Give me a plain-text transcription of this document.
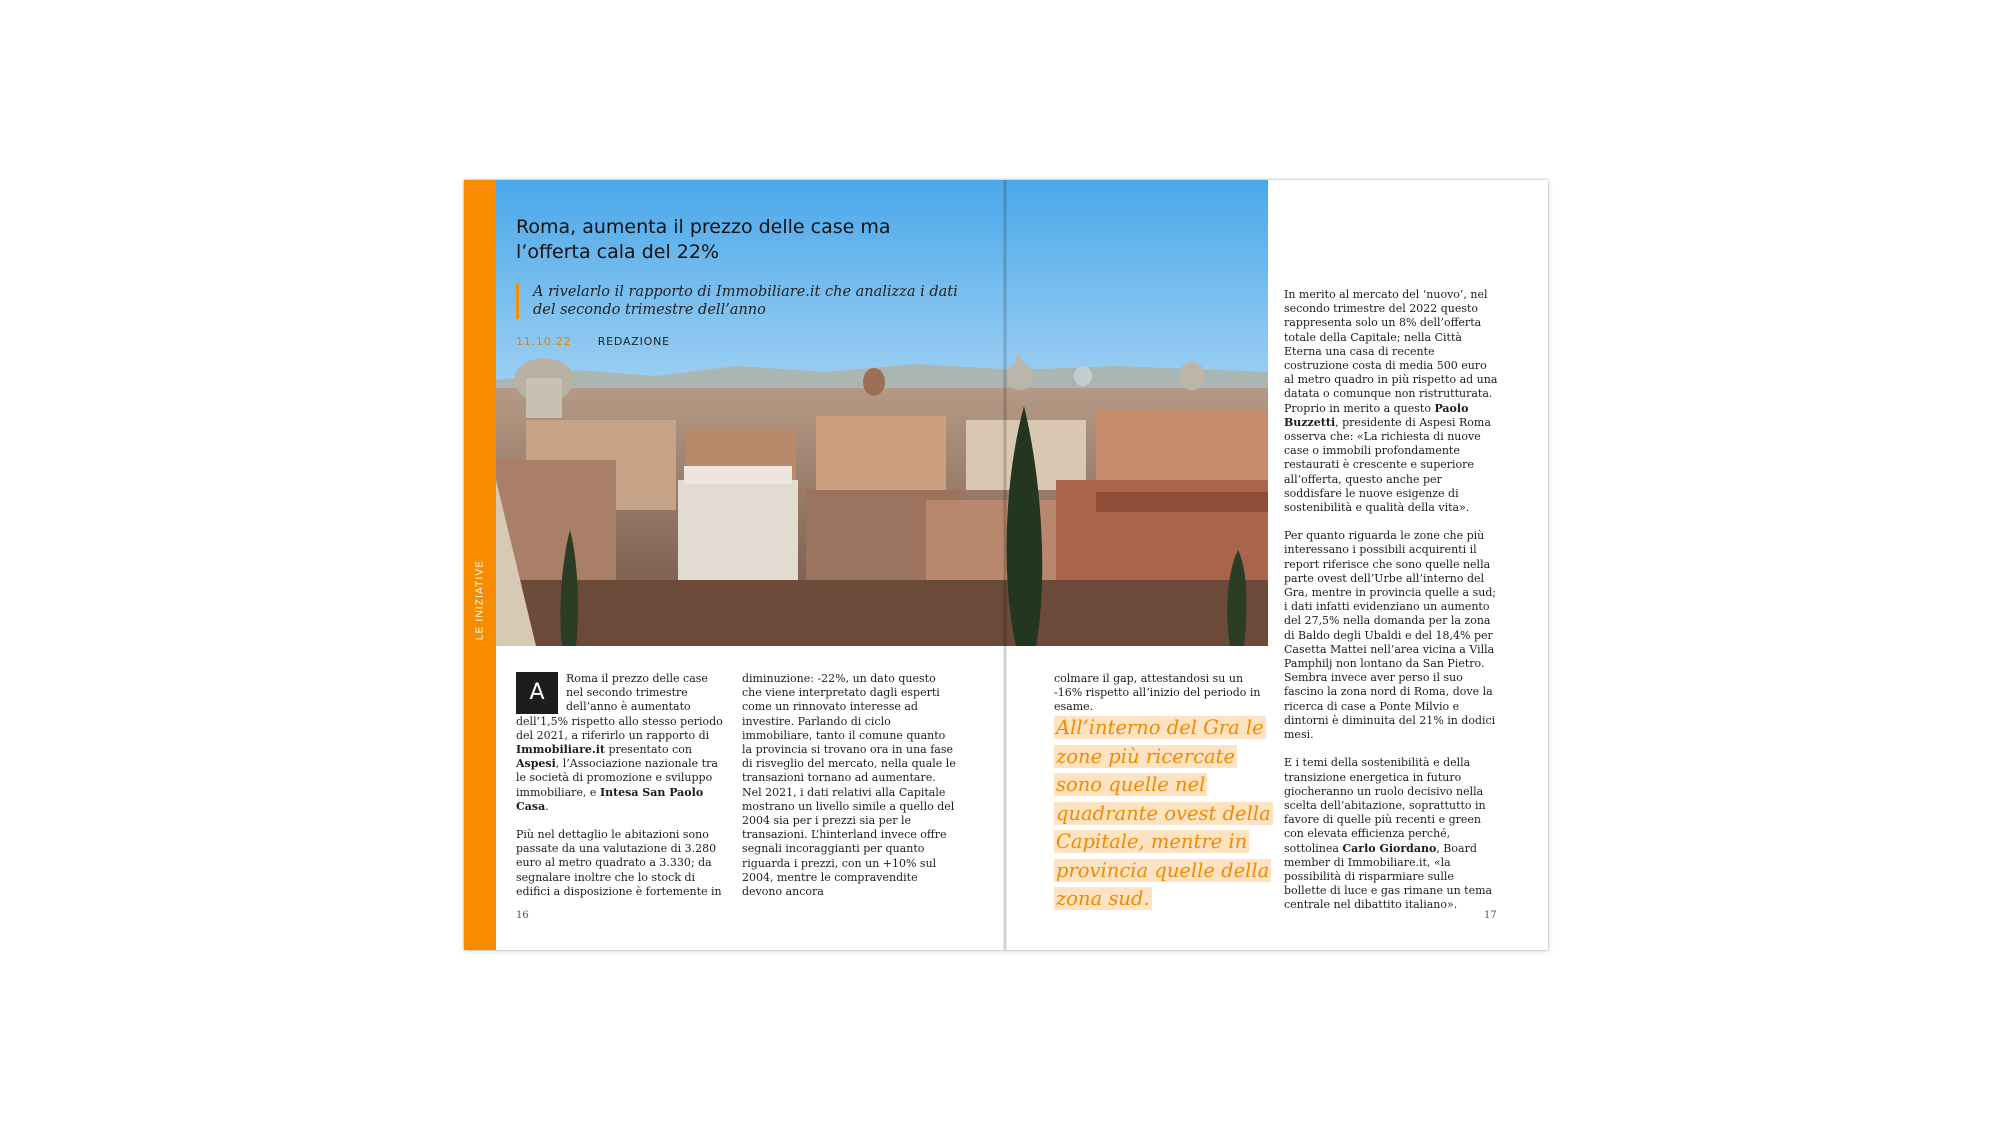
LE INIZIATIVE
Roma, aumenta il prezzo delle case ma l’offerta cala del 22%
A rivelarlo il rapporto di Immobiliare.it che analizza i dati del secondo trimestre dell’anno
11.10.22 REDAZIONE
A

Roma il prezzo delle case nel secondo trimestre dell’anno è aumentato dell’1,5% rispetto allo stesso periodo del 2021, a riferirlo un rapporto di Immobiliare.it presentato con Aspesi, l’Associazione nazionale tra le società di promozione e sviluppo immobiliare, e Intesa San Paolo Casa.

Più nel dettaglio le abitazioni sono passate da una valutazione di 3.280 euro al metro quadrato a 3.330; da segnalare inoltre che lo stock di edifici a disposizione è fortemente in

diminuzione: -22%, un dato questo che viene interpretato dagli esperti come un rinnovato interesse ad investire. Parlando di ciclo immobiliare, tanto il comune quanto la provincia si trovano ora in una fase di risveglio del mercato, nella quale le transazioni tornano ad aumentare. Nel 2021, i dati relativi alla Capitale mostrano un livello simile a quello del 2004 sia per i prezzi sia per le transazioni. L’hinterland invece offre segnali incoraggianti per quanto riguarda i prezzi, con un +10% sul 2004, mentre le compravendite devono ancora

colmare il gap, attestandosi su un -16% rispetto all’inizio del periodo in esame.

All’interno del Gra le zone più ricercate sono quelle nel quadrante ovest della Capitale, mentre in provincia quelle della zona sud.

In merito al mercato del ‘nuovo’, nel secondo trimestre del 2022 questo rappresenta solo un 8% dell’offerta totale della Capitale; nella Città Eterna una casa di recente costruzione costa di media 500 euro al metro quadro in più rispetto ad una datata o comunque non ristrutturata. Proprio in merito a questo Paolo Buzzetti, presidente di Aspesi Roma osserva che: «La richiesta di nuove case o immobili profondamente restaurati è crescente e superiore all’offerta, questo anche per soddisfare le nuove esigenze di sostenibilità e qualità della vita».

Per quanto riguarda le zone che più interessano i possibili acquirenti il report riferisce che sono quelle nella parte ovest dell’Urbe all’interno del Gra, mentre in provincia quelle a sud; i dati infatti evidenziano un aumento del 27,5% nella domanda per la zona di Baldo degli Ubaldi e del 18,4% per Casetta Mattei nell’area vicina a Villa Pamphilj non lontano da San Pietro. Sembra invece aver perso il suo fascino la zona nord di Roma, dove la ricerca di case a Ponte Milvio e dintorni è diminuita del 21% in dodici mesi.

E i temi della sostenibilità e della transizione energetica in futuro giocheranno un ruolo decisivo nella scelta dell’abitazione, soprattutto in favore di quelle più recenti e green con elevata efficienza perché, sottolinea Carlo Giordano, Board member di Immobiliare.it, «la possibilità di risparmiare sulle bollette di luce e gas rimane un tema centrale nel dibattito italiano».

16	17
